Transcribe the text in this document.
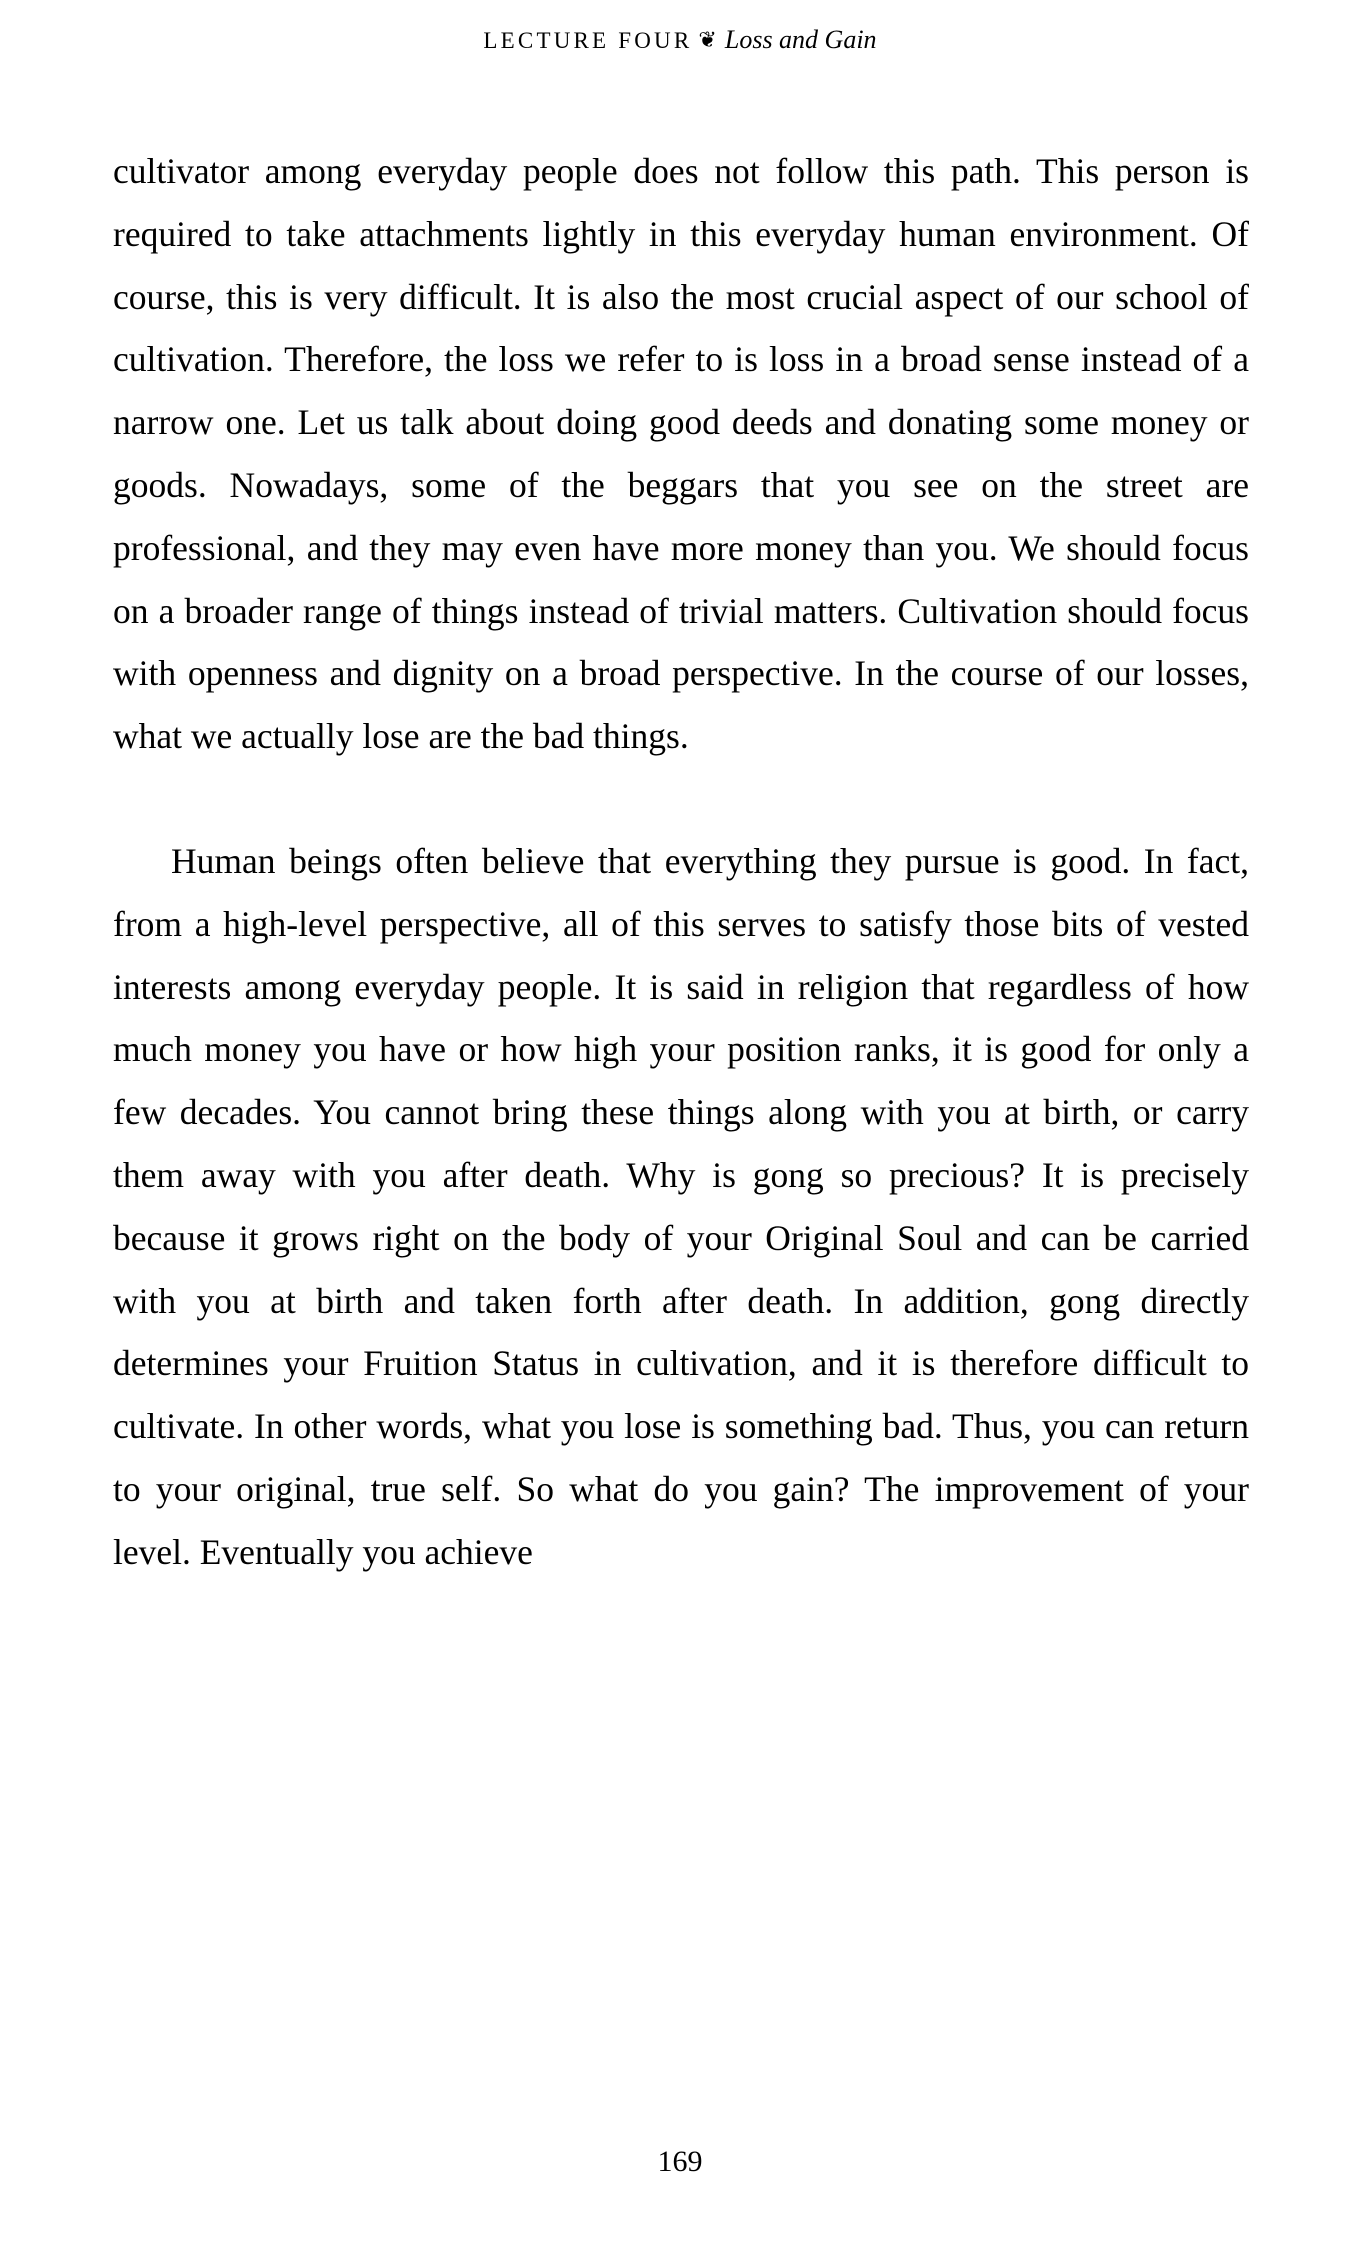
LECTURE FOUR ❦ Loss and Gain

cultivator among everyday people does not follow this path. This person is required to take attachments lightly in this everyday human environment. Of course, this is very difficult. It is also the most crucial aspect of our school of cultivation. Therefore, the loss we refer to is loss in a broad sense instead of a narrow one. Let us talk about doing good deeds and donating some money or goods. Nowadays, some of the beggars that you see on the street are professional, and they may even have more money than you. We should focus on a broader range of things instead of trivial matters. Cultivation should focus with openness and dignity on a broad perspective. In the course of our losses, what we actually lose are the bad things.

Human beings often believe that everything they pursue is good. In fact, from a high-level perspective, all of this serves to satisfy those bits of vested interests among everyday people. It is said in religion that regardless of how much money you have or how high your position ranks, it is good for only a few decades. You cannot bring these things along with you at birth, or carry them away with you after death. Why is gong so precious? It is precisely because it grows right on the body of your Original Soul and can be carried with you at birth and taken forth after death. In addition, gong directly determines your Fruition Status in cultivation, and it is therefore difficult to cultivate. In other words, what you lose is something bad. Thus, you can return to your original, true self. So what do you gain? The improvement of your level. Eventually you achieve

169
